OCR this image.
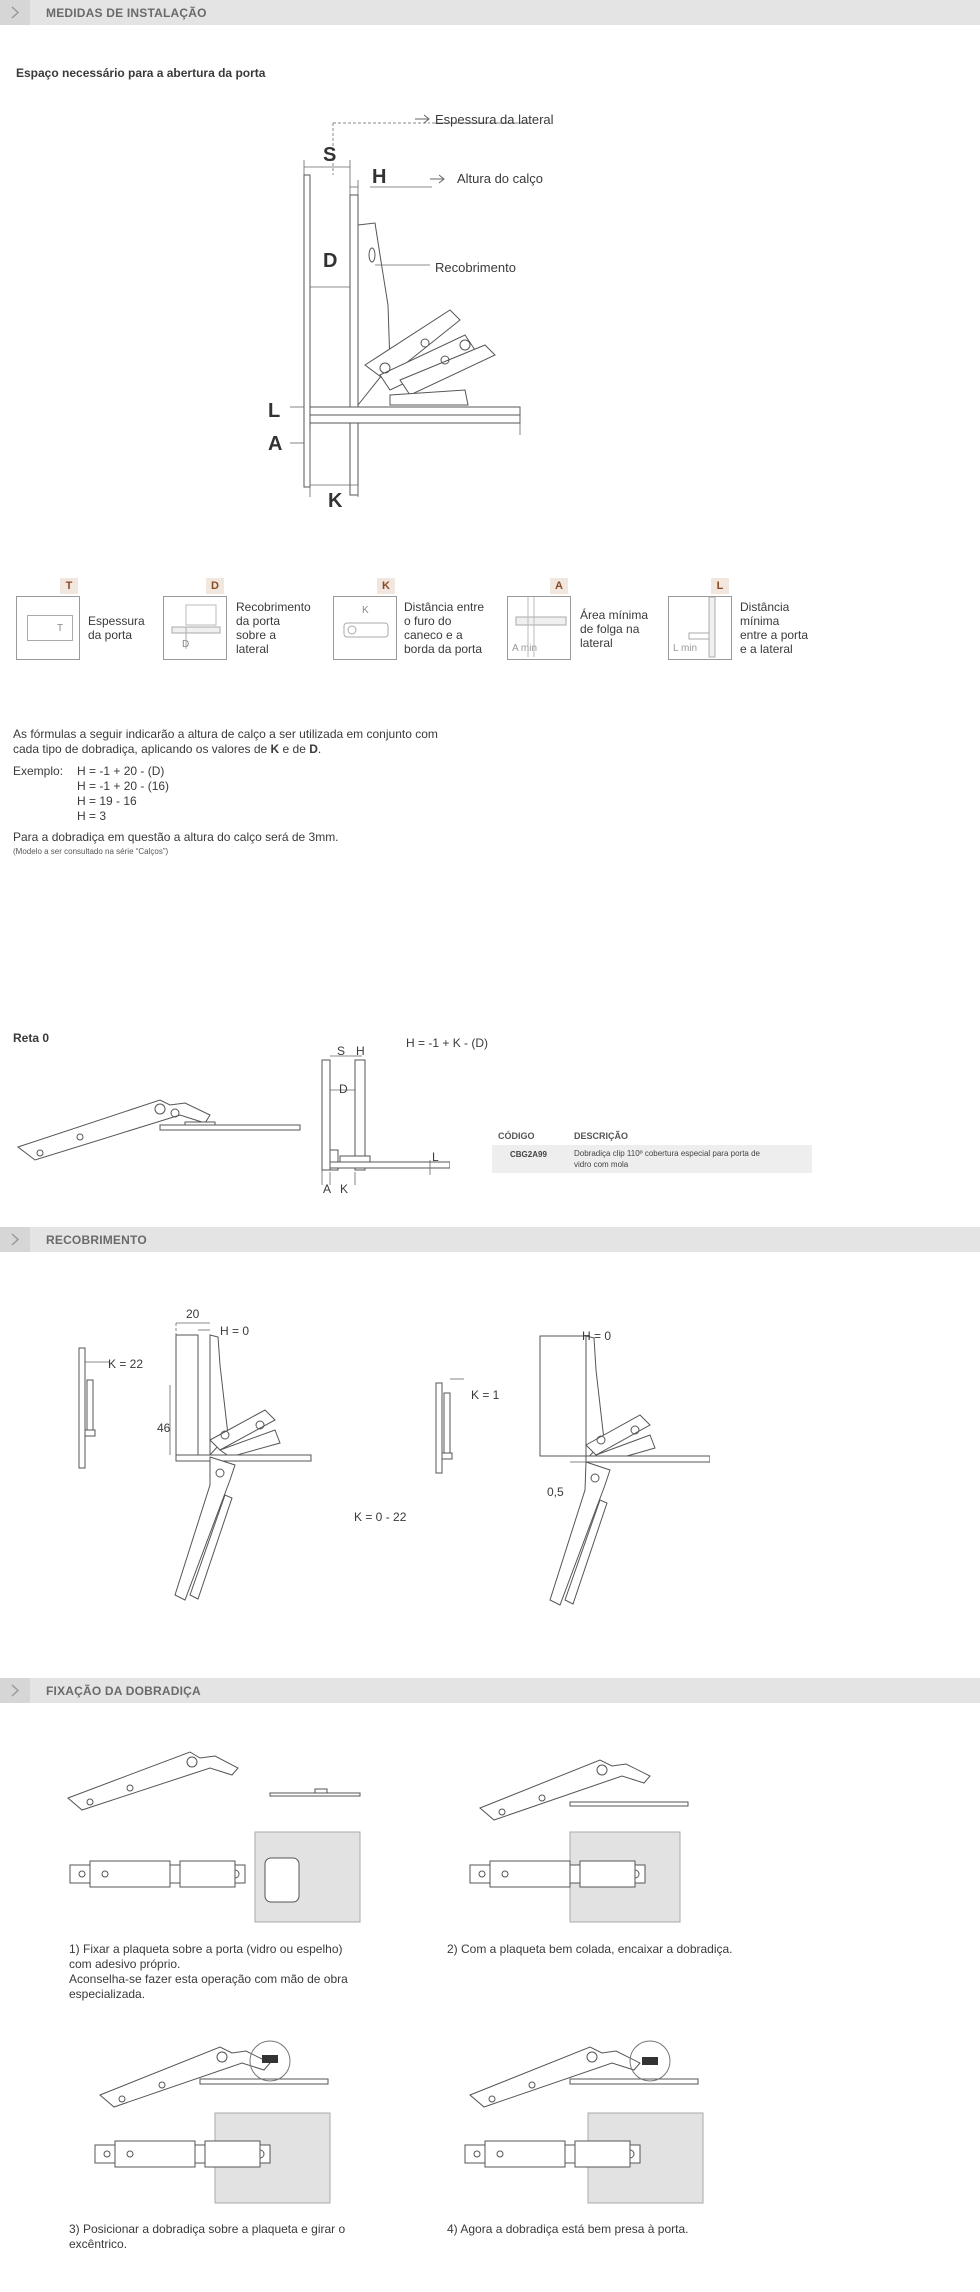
MEDIDAS DE INSTALAÇÃO
Espaço necessário para a abertura da porta
S
H
D
L
A
K
Espessura da lateral
Altura do calço
Recobrimento
T
T
Espessura
da porta
D
D
Recobrimento
da porta
sobre a
lateral
K
K	Distância entre
o furo do
caneco e a
borda da porta
A
A min
Área mínima
de folga na
lateral
L
L min
Distância
mínima
entre a porta
e a lateral
As fórmulas a seguir indicarão a altura de calço a ser utilizada em conjunto com
cada tipo de dobradiça, aplicando os valores de K e de D.
Exemplo: H = -1 + 20 - (D)
H = -1 + 20 - (16)
H = 19 - 16
H = 3
Para a dobradiça em questão a altura do calço será de 3mm.
(Modelo a ser consultado na série “Calços”)
Reta 0
S H
D
L
A K
H = -1 + K - (D)
CÓDIGO	DESCRIÇÃO
CBG2A99	Dobradiça clip 110º cobertura especial para porta de
vidro com mola
RECOBRIMENTO
K = 22
20
H = 0
46
K = 1
K = 0 - 22
H = 0
0,5
FIXAÇÃO DA DOBRADIÇA
1) Fixar a plaqueta sobre a porta (vidro ou espelho)
com adesivo próprio.
Aconselha-se fazer esta operação com mão de obra
especializada.
2) Com a plaqueta bem colada, encaixar a dobradiça.
3) Posicionar a dobradiça sobre a plaqueta e girar o
excêntrico.
4) Agora a dobradiça está bem presa à porta.
